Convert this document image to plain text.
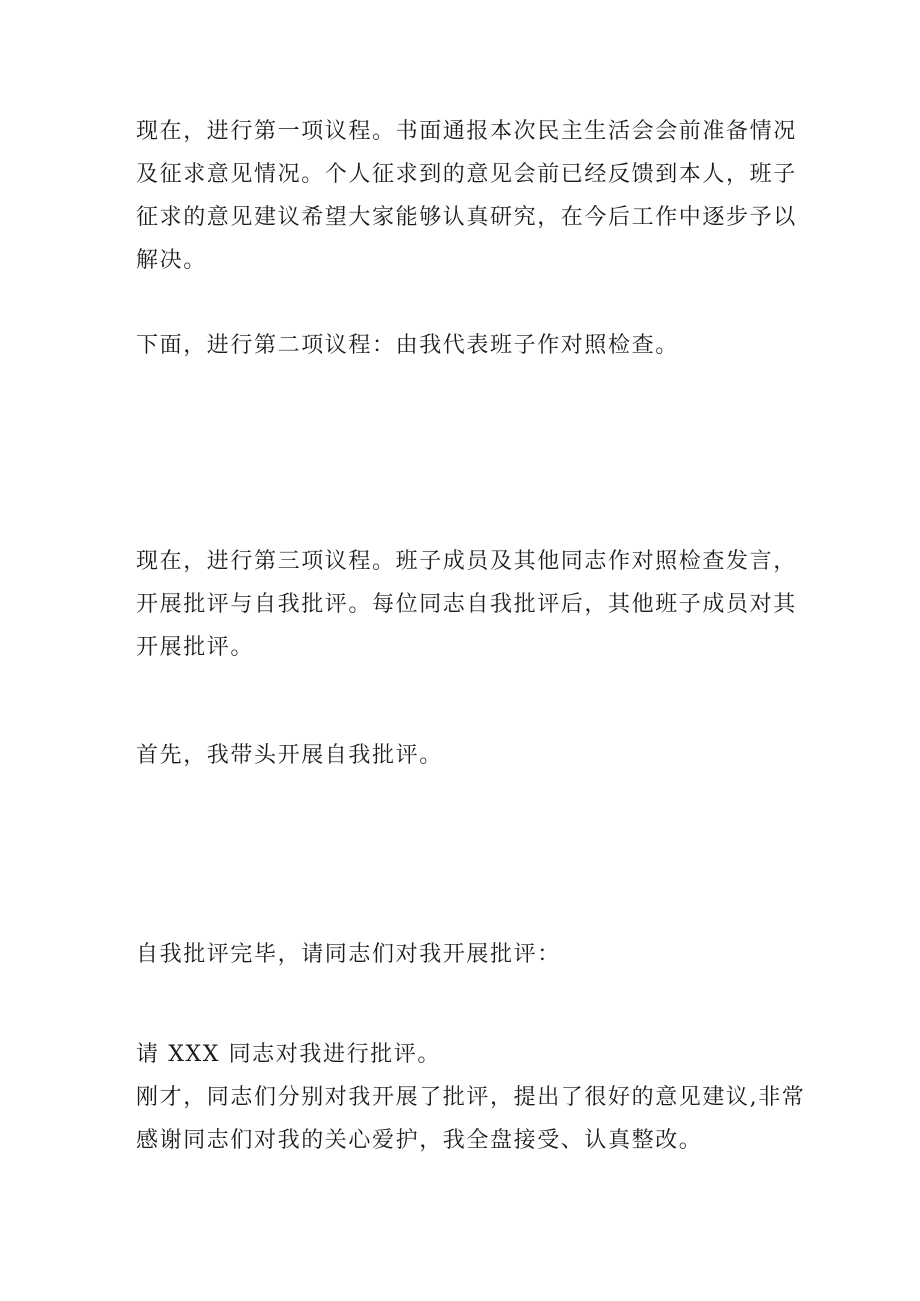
现在，进行第一项议程。书面通报本次民主生活会会前准备情况
及征求意见情况。个人征求到的意见会前已经反馈到本人，班子
征求的意见建议希望大家能够认真研究，在今后工作中逐步予以
解决。

下面，进行第二项议程：由我代表班子作对照检查。

现在，进行第三项议程。班子成员及其他同志作对照检查发言，
开展批评与自我批评。每位同志自我批评后，其他班子成员对其
开展批评。

首先，我带头开展自我批评。

自我批评完毕，请同志们对我开展批评：

请 XXX 同志对我进行批评。
刚才，同志们分别对我开展了批评，提出了很好的意见建议,非常
感谢同志们对我的关心爱护，我全盘接受、认真整改。
